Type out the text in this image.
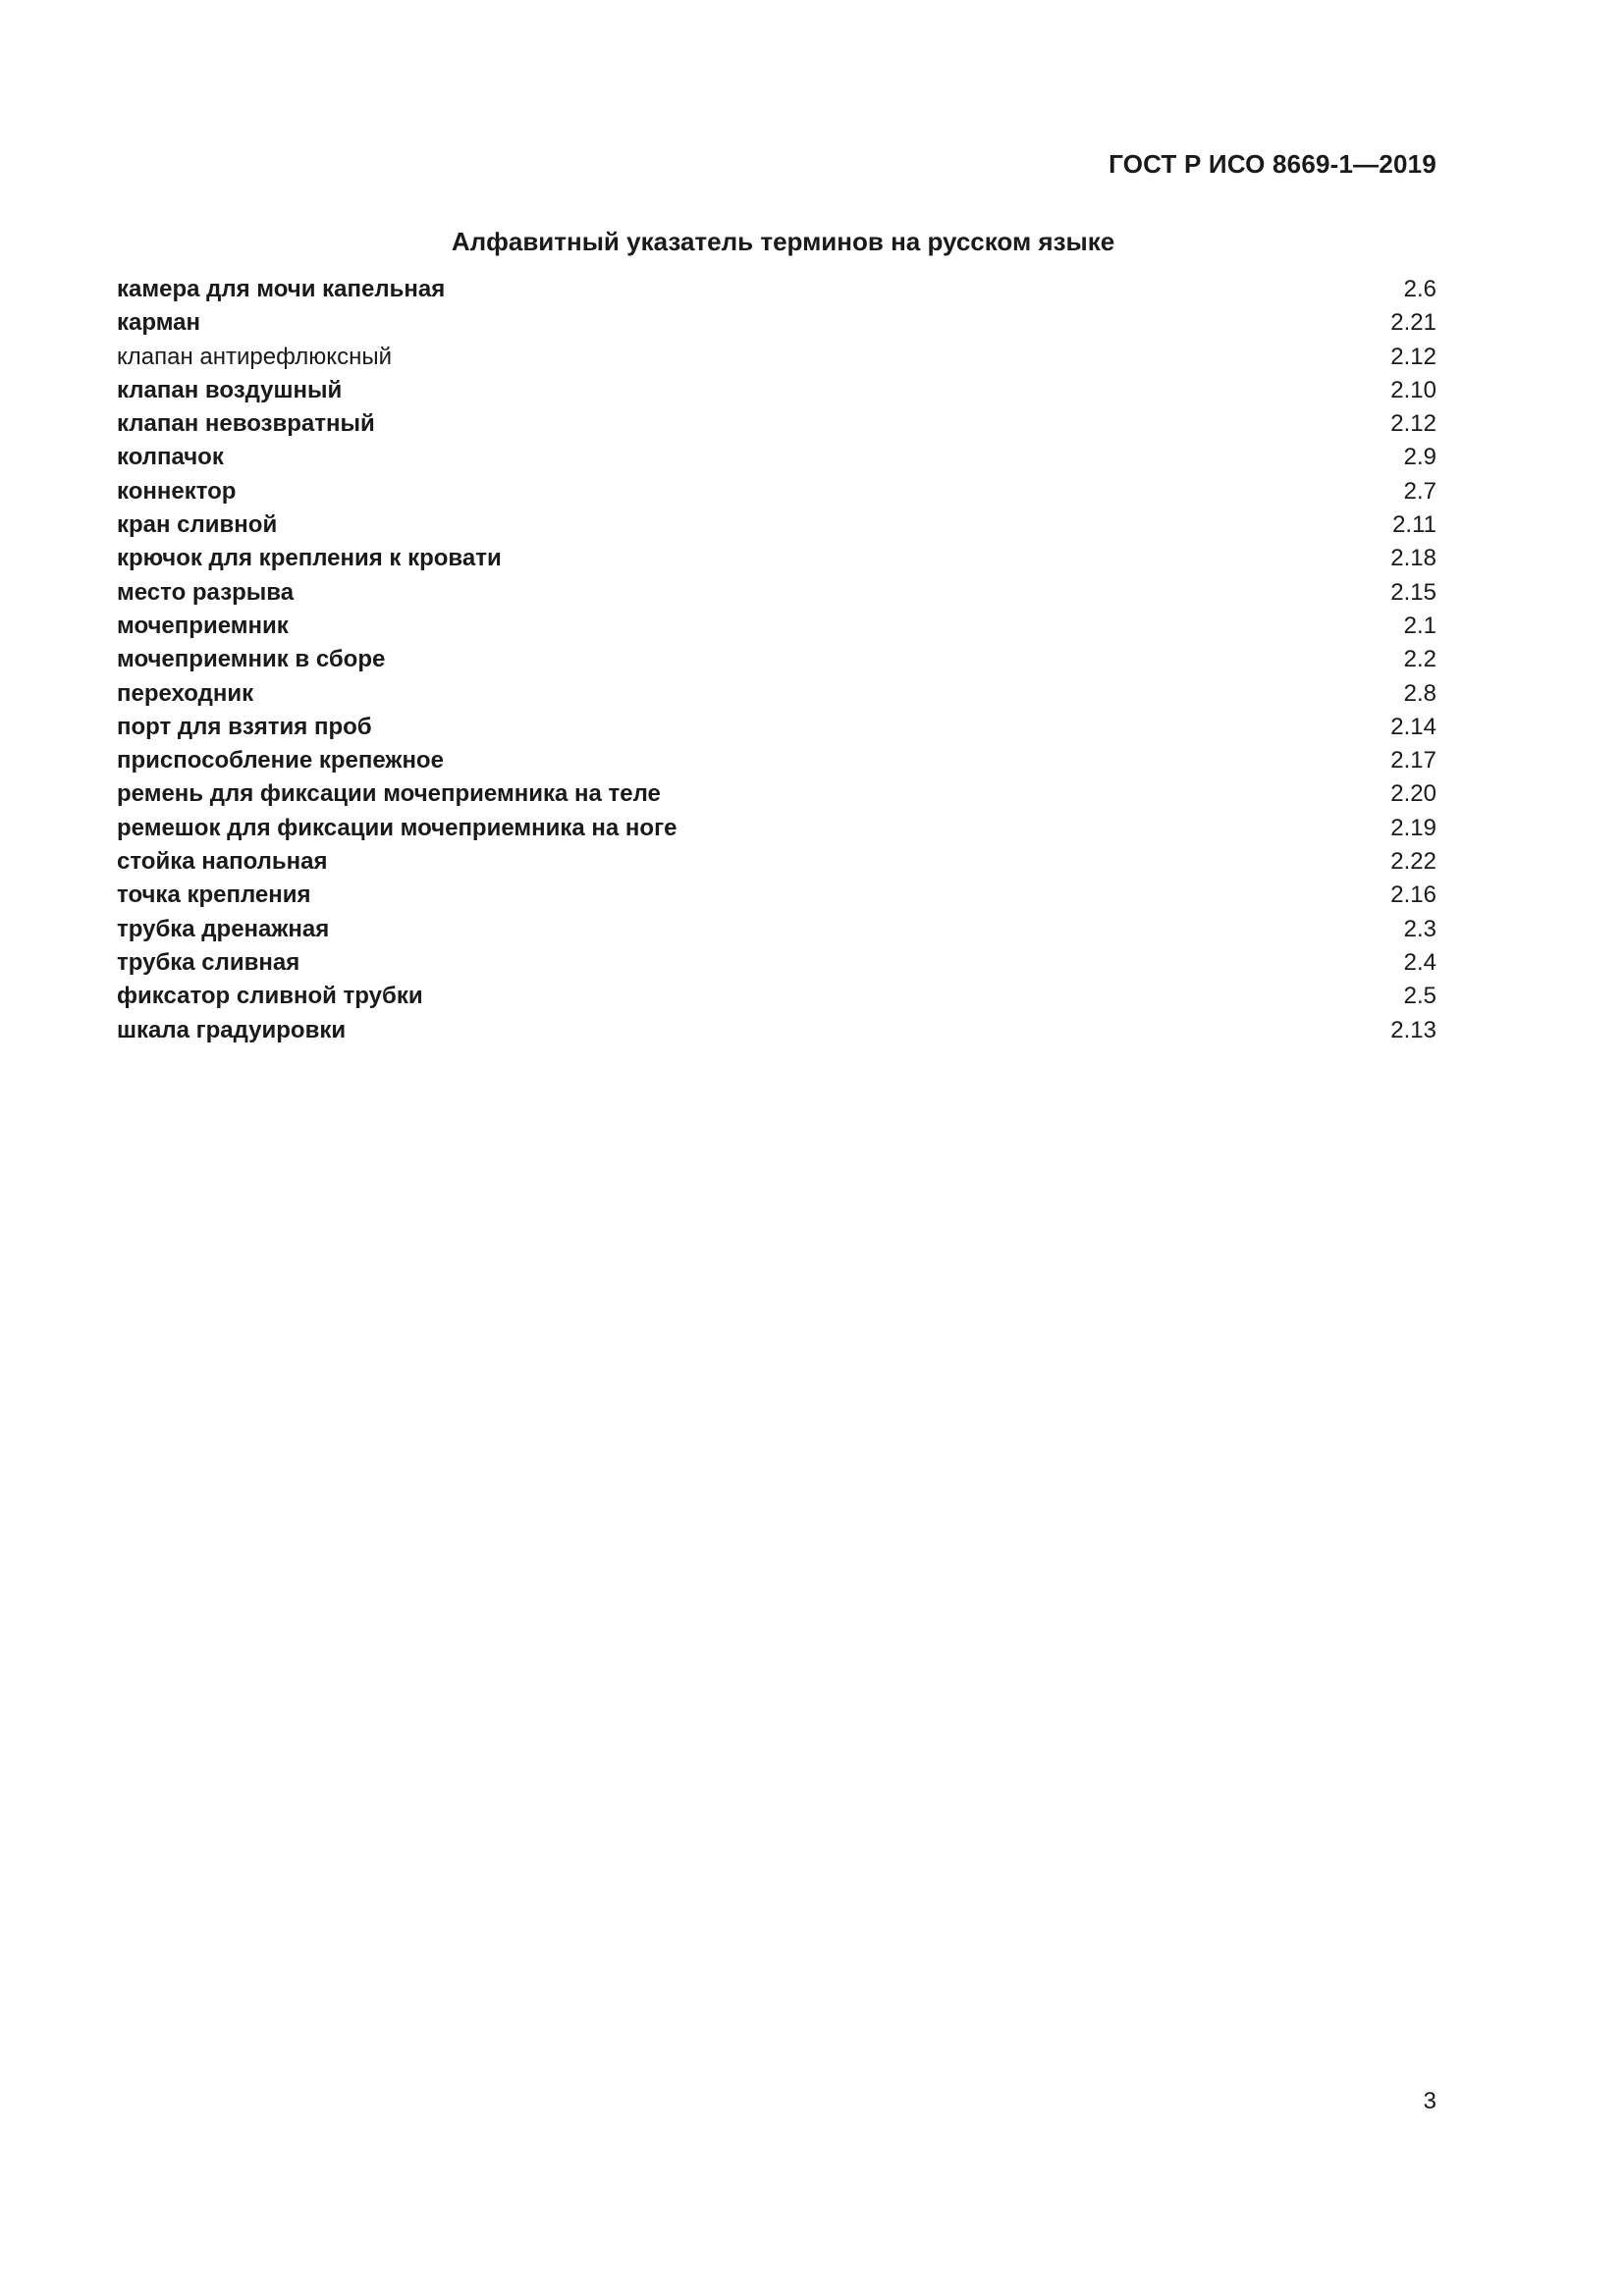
ГОСТ Р ИСО 8669-1—2019
Алфавитный указатель терминов на русском языке
камера для мочи капельная	2.6
карман	2.21
клапан антирефлюксный	2.12
клапан воздушный	2.10
клапан невозвратный	2.12
колпачок	2.9
коннектор	2.7
кран сливной	2.11
крючок для крепления к кровати	2.18
место разрыва	2.15
мочеприемник	2.1
мочеприемник в сборе	2.2
переходник	2.8
порт для взятия проб	2.14
приспособление крепежное	2.17
ремень для фиксации мочеприемника на теле	2.20
ремешок для фиксации мочеприемника на ноге	2.19
стойка напольная	2.22
точка крепления	2.16
трубка дренажная	2.3
трубка сливная	2.4
фиксатор сливной трубки	2.5
шкала градуировки	2.13
3
